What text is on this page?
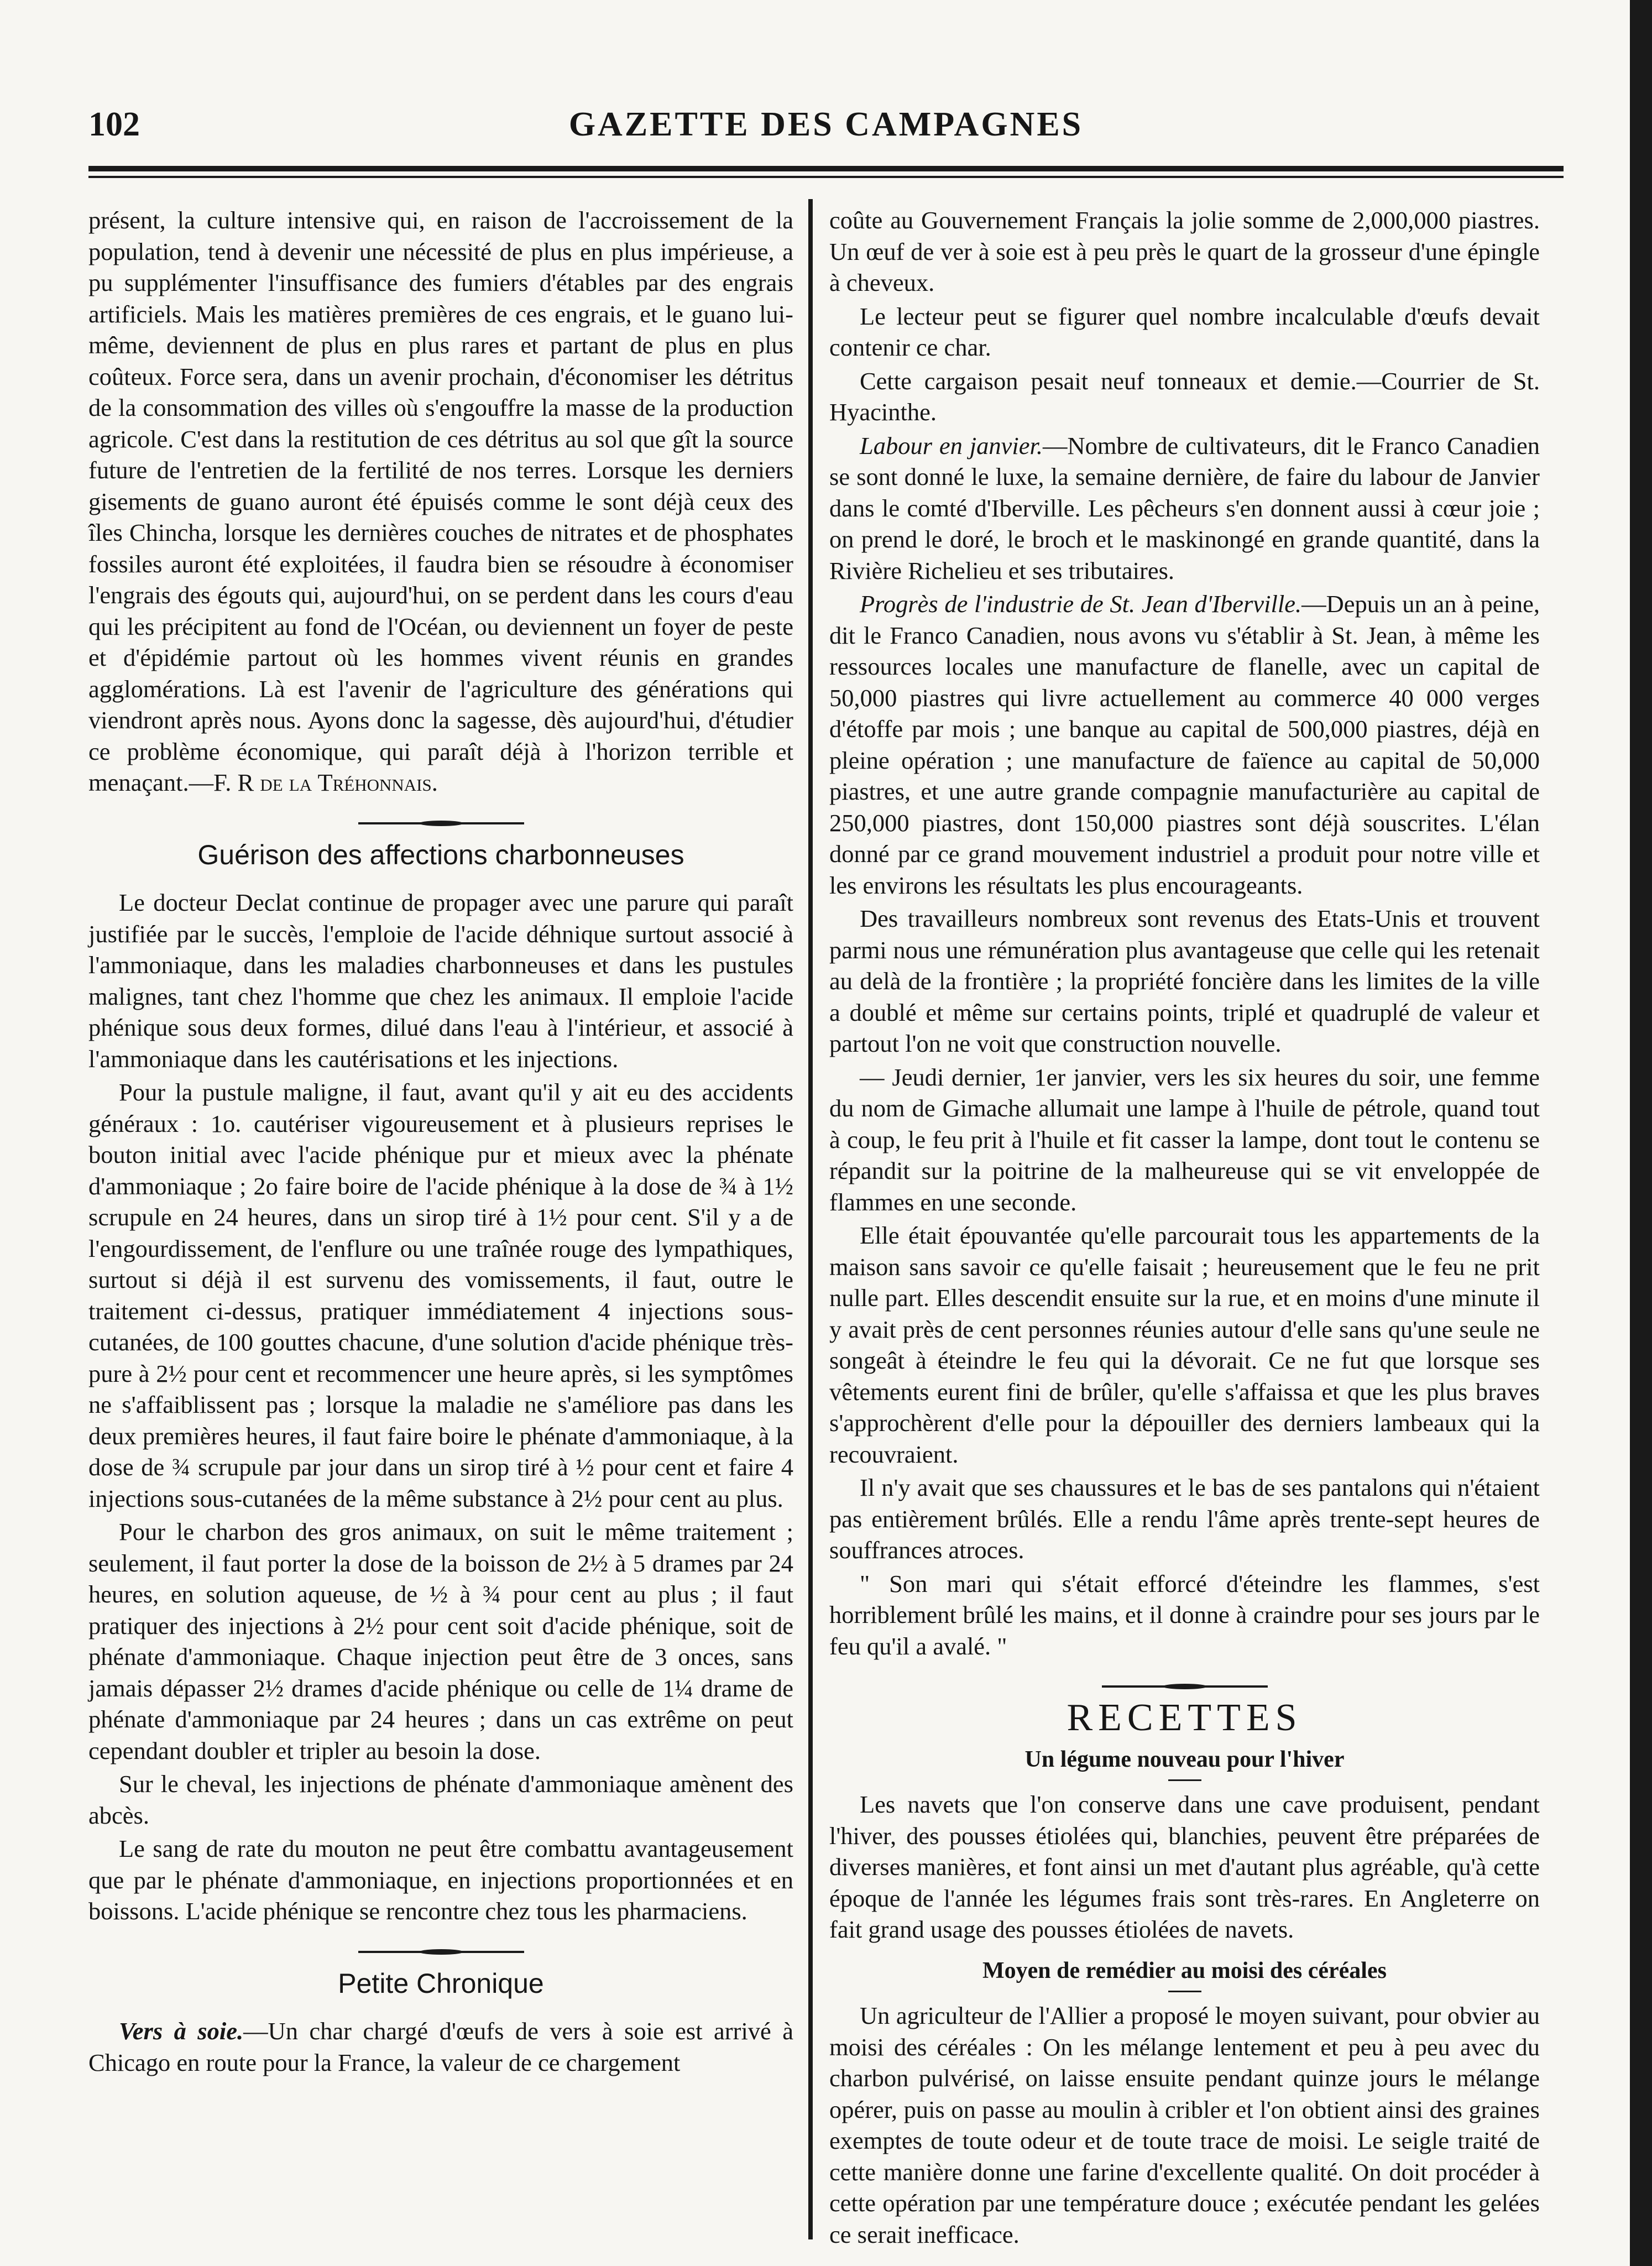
102	GAZETTE DES CAMPAGNES

présent, la culture intensive qui, en raison de l'accroissement de la population, tend à devenir une nécessité de plus en plus impérieuse, a pu supplémenter l'insuffisance des fumiers d'étables par des engrais artificiels. Mais les matières premières de ces engrais, et le guano lui-même, deviennent de plus en plus rares et partant de plus en plus coûteux. Force sera, dans un avenir prochain, d'économiser les détritus de la consommation des villes où s'engouffre la masse de la production agricole. C'est dans la restitution de ces détritus au sol que gît la source future de l'entretien de la fertilité de nos terres. Lorsque les derniers gisements de guano auront été épuisés comme le sont déjà ceux des îles Chincha, lorsque les dernières couches de nitrates et de phosphates fossiles auront été exploitées, il faudra bien se résoudre à économiser l'engrais des égouts qui, aujourd'hui, on se perdent dans les cours d'eau qui les précipitent au fond de l'Océan, ou deviennent un foyer de peste et d'épidémie partout où les hommes vivent réunis en grandes agglomérations. Là est l'avenir de l'agriculture des générations qui viendront après nous. Ayons donc la sagesse, dès aujourd'hui, d'étudier ce problème économique, qui paraît déjà à l'horizon terrible et menaçant.—F. R de la Tréhonnais.

Guérison des affections charbonneuses

Le docteur Declat continue de propager avec une parure qui paraît justifiée par le succès, l'emploie de l'acide déhnique surtout associé à l'ammoniaque, dans les maladies charbonneuses et dans les pustules malignes, tant chez l'homme que chez les animaux. Il emploie l'acide phénique sous deux formes, dilué dans l'eau à l'intérieur, et associé à l'ammoniaque dans les cautérisations et les injections.

Pour la pustule maligne, il faut, avant qu'il y ait eu des accidents généraux : 1o. cautériser vigoureusement et à plusieurs reprises le bouton initial avec l'acide phénique pur et mieux avec la phénate d'ammoniaque ; 2o faire boire de l'acide phénique à la dose de ¾ à 1½ scrupule en 24 heures, dans un sirop tiré à 1½ pour cent. S'il y a de l'engourdissement, de l'enflure ou une traînée rouge des lympathiques, surtout si déjà il est survenu des vomissements, il faut, outre le traitement ci-dessus, pratiquer immédiatement 4 injections sous-cutanées, de 100 gouttes chacune, d'une solution d'acide phénique très-pure à 2½ pour cent et recommencer une heure après, si les symptômes ne s'affaiblissent pas ; lorsque la maladie ne s'améliore pas dans les deux premières heures, il faut faire boire le phénate d'ammoniaque, à la dose de ¾ scrupule par jour dans un sirop tiré à ½ pour cent et faire 4 injections sous-cutanées de la même substance à 2½ pour cent au plus.

Pour le charbon des gros animaux, on suit le même traitement ; seulement, il faut porter la dose de la boisson de 2½ à 5 drames par 24 heures, en solution aqueuse, de ½ à ¾ pour cent au plus ; il faut pratiquer des injections à 2½ pour cent soit d'acide phénique, soit de phénate d'ammoniaque. Chaque injection peut être de 3 onces, sans jamais dépasser 2½ drames d'acide phénique ou celle de 1¼ drame de phénate d'ammoniaque par 24 heures ; dans un cas extrême on peut cependant doubler et tripler au besoin la dose.

Sur le cheval, les injections de phénate d'ammoniaque amènent des abcès.

Le sang de rate du mouton ne peut être combattu avantageusement que par le phénate d'ammoniaque, en injections proportionnées et en boissons. L'acide phénique se rencontre chez tous les pharmaciens.

Petite Chronique

Vers à soie.—Un char chargé d'œufs de vers à soie est arrivé à Chicago en route pour la France, la valeur de ce chargement

coûte au Gouvernement Français la jolie somme de 2,000,000 piastres. Un œuf de ver à soie est à peu près le quart de la grosseur d'une épingle à cheveux.

Le lecteur peut se figurer quel nombre incalculable d'œufs devait contenir ce char.

Cette cargaison pesait neuf tonneaux et demie.—Courrier de St. Hyacinthe.

Labour en janvier.—Nombre de cultivateurs, dit le Franco Canadien se sont donné le luxe, la semaine dernière, de faire du labour de Janvier dans le comté d'Iberville. Les pêcheurs s'en donnent aussi à cœur joie ; on prend le doré, le broch et le maskinongé en grande quantité, dans la Rivière Richelieu et ses tributaires.

Progrès de l'industrie de St. Jean d'Iberville.—Depuis un an à peine, dit le Franco Canadien, nous avons vu s'établir à St. Jean, à même les ressources locales une manufacture de flanelle, avec un capital de 50,000 piastres qui livre actuellement au commerce 40 000 verges d'étoffe par mois ; une banque au capital de 500,000 piastres, déjà en pleine opération ; une manufacture de faïence au capital de 50,000 piastres, et une autre grande compagnie manufacturière au capital de 250,000 piastres, dont 150,000 piastres sont déjà souscrites. L'élan donné par ce grand mouvement industriel a produit pour notre ville et les environs les résultats les plus encourageants.

Des travailleurs nombreux sont revenus des Etats-Unis et trouvent parmi nous une rémunération plus avantageuse que celle qui les retenait au delà de la frontière ; la propriété foncière dans les limites de la ville a doublé et même sur certains points, triplé et quadruplé de valeur et partout l'on ne voit que construction nouvelle.

— Jeudi dernier, 1er janvier, vers les six heures du soir, une femme du nom de Gimache allumait une lampe à l'huile de pétrole, quand tout à coup, le feu prit à l'huile et fit casser la lampe, dont tout le contenu se répandit sur la poitrine de la malheureuse qui se vit enveloppée de flammes en une seconde.

Elle était épouvantée qu'elle parcourait tous les appartements de la maison sans savoir ce qu'elle faisait ; heureusement que le feu ne prit nulle part. Elles descendit ensuite sur la rue, et en moins d'une minute il y avait près de cent personnes réunies autour d'elle sans qu'une seule ne songeât à éteindre le feu qui la dévorait. Ce ne fut que lorsque ses vêtements eurent fini de brûler, qu'elle s'affaissa et que les plus braves s'approchèrent d'elle pour la dépouiller des derniers lambeaux qui la recouvraient.

Il n'y avait que ses chaussures et le bas de ses pantalons qui n'étaient pas entièrement brûlés. Elle a rendu l'âme après trente-sept heures de souffrances atroces.

" Son mari qui s'était efforcé d'éteindre les flammes, s'est horriblement brûlé les mains, et il donne à craindre pour ses jours par le feu qu'il a avalé. "

RECETTES
Un légume nouveau pour l'hiver

Les navets que l'on conserve dans une cave produisent, pendant l'hiver, des pousses étiolées qui, blanchies, peuvent être préparées de diverses manières, et font ainsi un met d'autant plus agréable, qu'à cette époque de l'année les légumes frais sont très-rares. En Angleterre on fait grand usage des pousses étiolées de navets.

Moyen de remédier au moisi des céréales

Un agriculteur de l'Allier a proposé le moyen suivant, pour obvier au moisi des céréales : On les mélange lentement et peu à peu avec du charbon pulvérisé, on laisse ensuite pendant quinze jours le mélange opérer, puis on passe au moulin à cribler et l'on obtient ainsi des graines exemptes de toute odeur et de toute trace de moisi. Le seigle traité de cette manière donne une farine d'excellente qualité. On doit procéder à cette opération par une température douce ; exécutée pendant les gelées ce serait inefficace.
